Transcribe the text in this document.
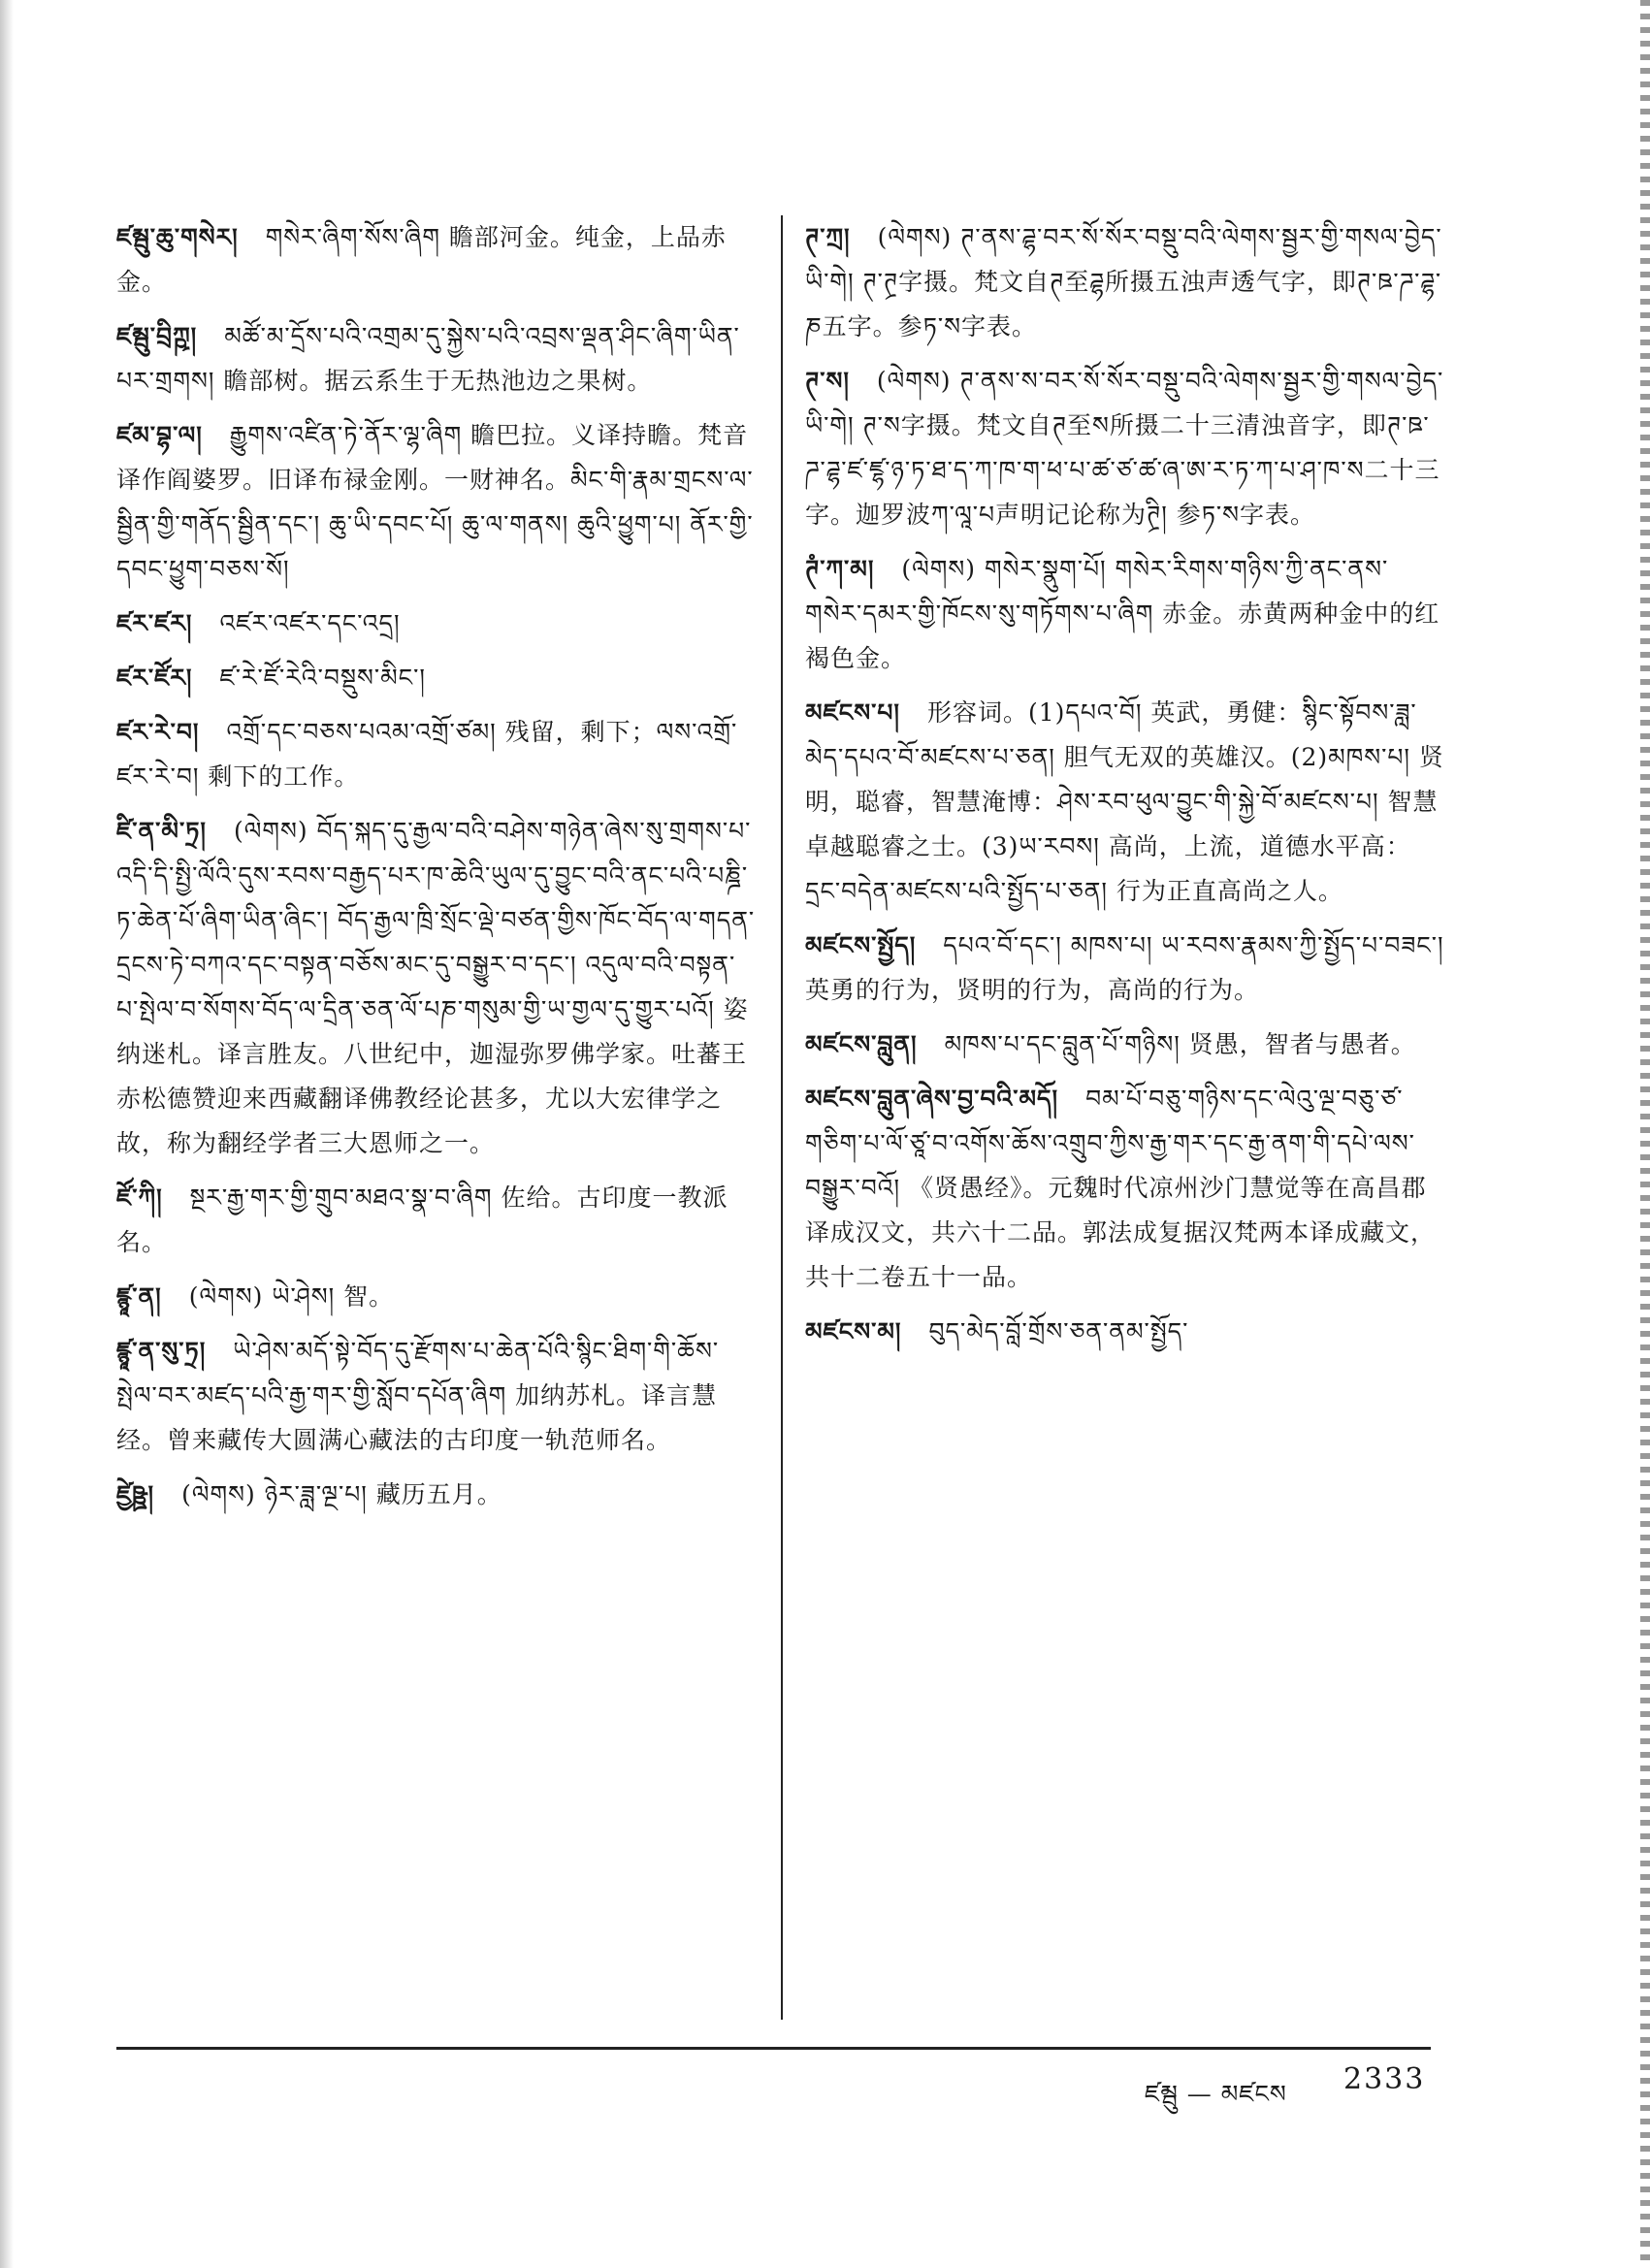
ཛམྦུ་ཆུ་གསེར། གསེར་ཞིག་སོས་ཞིག 瞻部河金。纯金，上品赤金。

ཛམྦུ་བྲིཀྵ། མཚོ་མ་དྲོས་པའི་འགྲམ་དུ་སྐྱེས་པའི་འབྲས་ལྡན་ཤིང་ཞིག་ཡིན་པར་གྲགས། 瞻部树。据云系生于无热池边之果树。

ཛམ་བྷ་ལ། རྒྱུགས་འཛིན་ཏེ་ནོར་ལྷ་ཞིག 瞻巴拉。义译持瞻。梵音译作阎婆罗。旧译布禄金刚。一财神名。མིང་གི་རྣམ་གྲངས་ལ་སྦྱིན་གྱི་གནོད་སྦྱིན་དང་། ཆུ་ཡི་དབང་པོ། ཆུ་ལ་གནས། ཆུའི་ཕྱུག་པ། ནོར་གྱི་དབང་ཕྱུག་བཅས་སོ།

ཛར་ཛར། འཛར་འཛར་དང་འདྲ།

ཛར་ཛོར། ཛ་རེ་ཛོ་རེའི་བསྡུས་མིང་།

ཛར་རེ་བ། འགྲོ་དང་བཅས་པའམ་འགྲོ་ཙམ། 残留，剩下；ལས་འགྲོ་ཛར་རེ་བ། 剩下的工作。

ཛི་ན་མི་ཏྲ། (ལེགས) བོད་སྐད་དུ་རྒྱལ་བའི་བཤེས་གཉེན་ཞེས་སུ་གྲགས་པ་འདི་དི་སྤྱི་ལོའི་དུས་རབས་བརྒྱད་པར་ཁ་ཆེའི་ཡུལ་དུ་བྱུང་བའི་ནང་པའི་པཎྜི་ཏ་ཆེན་པོ་ཞིག་ཡིན་ཞིང་། བོད་རྒྱལ་ཁྲི་སྲོང་ལྡེ་བཙན་གྱིས་ཁོང་བོད་ལ་གདན་དྲངས་ཏེ་བཀའ་དང་བསྟན་བཅོས་མང་དུ་བསྒྱུར་བ་དང་། འདུལ་བའི་བསྟན་པ་སྤེལ་བ་སོགས་བོད་ལ་དྲིན་ཅན་ལོ་པཎ་གསུམ་གྱི་ཡ་གྱལ་དུ་གྱུར་པའོ། 姿纳迷札。译言胜友。八世纪中，迦湿弥罗佛学家。吐蕃王赤松德赞迎来西藏翻译佛教经论甚多，尤以大宏律学之故，称为翻经学者三大恩师之一。

ཛོ་ཀི། སྔར་རྒྱ་གར་གྱི་གྲུབ་མཐའ་སྣ་བ་ཞིག 佐给。古印度一教派名。

ཛྙཱ་ན། (ལེགས) ཡེ་ཤེས། 智。

ཛྙཱ་ན་སུ་ཏྲ། ཡེ་ཤེས་མདོ་སྟེ་བོད་དུ་རྫོགས་པ་ཆེན་པོའི་སྙིང་ཐིག་གི་ཆོས་སྤེལ་བར་མཛད་པའི་རྒྱ་གར་གྱི་སློབ་དཔོན་ཞིག 加纳苏札。译言慧经。曾来藏传大圆满心藏法的古印度一轨范师名。

ཛྱེཥྛ། (ལེགས) ཉེར་ཟླ་ལྔ་པ། 藏历五月。

ཊ་ཀྲ། (ལེགས) ཊ་ནས་ཌྷ་བར་སོ་སོར་བསྡུ་བའི་ལེགས་སྦྱར་གྱི་གསལ་བྱེད་ཡི་གེ། ཊ་ཊྲ字摄。梵文自ཊ至ཌྷ所摄五浊声透气字，即ཊ་ཋ་ཌ་ཌྷ་ཎ五字。参ཏ་ས字表。

ཊ་ས། (ལེགས) ཊ་ནས་ས་བར་སོ་སོར་བསྡུ་བའི་ལེགས་སྦྱར་གྱི་གསལ་བྱེད་ཡི་གེ། ཊ་ས字摄。梵文自ཊ至ས所摄二十三清浊音字，即ཊ་ཋ་ཌ་ཌྷ་ཛ་ཛྷ་ཉ་ཏ་ཐ་ད་ཀ་ཁ་ག་ཕ་པ་ཚ་ཙ་ཚ་ཞ་ཨ་ར་ཏ་ཀ་པ་ཤ་ཁ་ས二十三字。迦罗波ཀ་ལཱ་པ声明记论称为ཊྲི། 参ཏ་ས字表。

ཊཾ་ཀ་མ། (ལེགས) གསེར་སྣུག་པོ། གསེར་རིགས་གཉིས་ཀྱི་ནང་ནས་གསེར་དམར་གྱི་ཁོངས་སུ་གཏོགས་པ་ཞིག 赤金。赤黄两种金中的红褐色金。

མཛངས་པ། 形容词。(1)དཔའ་བོ། 英武，勇健：སྙིང་སྟོབས་ཟླ་མེད་དཔའ་བོ་མཛངས་པ་ཅན། 胆气无双的英雄汉。(2)མཁས་པ། 贤明，聪睿，智慧淹博：ཤེས་རབ་ཕུལ་བྱུང་གི་སྐྱེ་བོ་མཛངས་པ། 智慧卓越聪睿之士。(3)ཡ་རབས། 高尚，上流，道德水平高：དྲང་བདེན་མཛངས་པའི་སྤྱོད་པ་ཅན། 行为正直高尚之人。

མཛངས་སྤྱོད། དཔའ་བོ་དང་། མཁས་པ། ཡ་རབས་རྣམས་ཀྱི་སྤྱོད་པ་བཟང་། 英勇的行为，贤明的行为，高尚的行为。

མཛངས་བླུན། མཁས་པ་དང་བླུན་པོ་གཉིས། 贤愚，智者与愚者。

མཛངས་བླུན་ཞེས་བྱ་བའི་མདོ། བམ་པོ་བཅུ་གཉིས་དང་ལེའུ་ལྔ་བཅུ་ཙ་གཅིག་པ་ལོ་ཙཱ་བ་འགོས་ཆོས་འགྲུབ་ཀྱིས་རྒྱ་གར་དང་རྒྱ་ནག་གི་དཔེ་ལས་བསྒྱུར་བའོ། 《贤愚经》。元魏时代凉州沙门慧觉等在高昌郡译成汉文，共六十二品。郭法成复据汉梵两本译成藏文，共十二卷五十一品。

མཛངས་མ། བུད་མེད་བློ་གྲོས་ཅན་ནམ་སྤྱོད་

ཛམྦུ — མཛངས 2333
